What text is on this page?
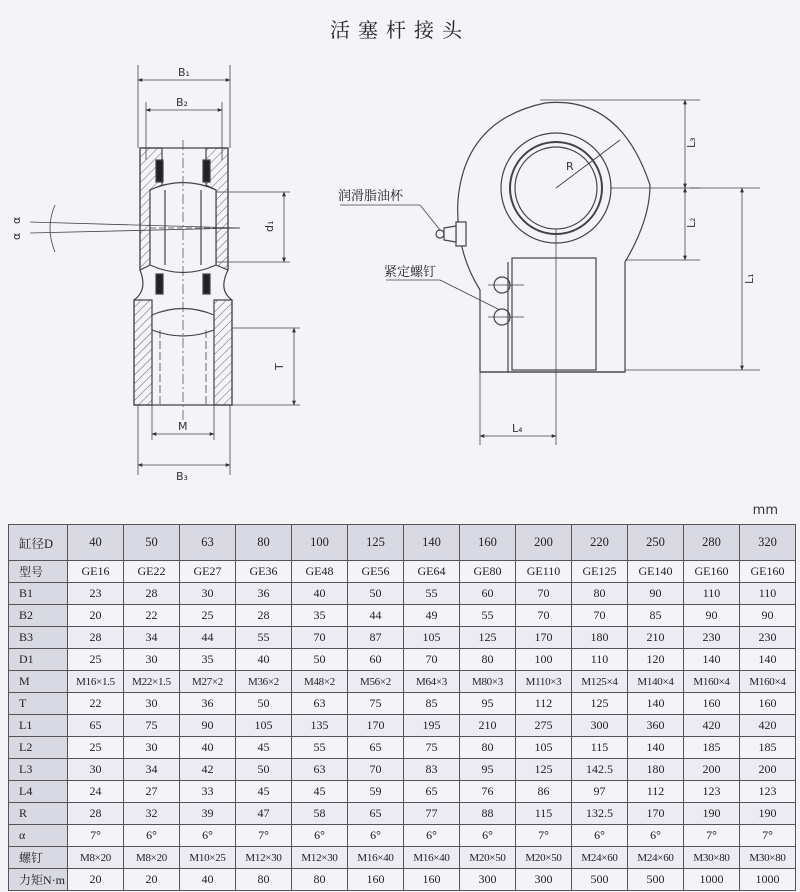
活塞杆接头
B₁
B₂
B₃
M
d₁
T
α
α
L₃
L₂
L₁
L₄
R
润滑脂油杯
紧定螺钉
mm
缸径D	40	50	63	80	100	125	140	160	200	220	250	280	320
型号	GE16	GE22	GE27	GE36	GE48	GE56	GE64	GE80	GE110	GE125	GE140	GE160	GE160
B1	23	28	30	36	40	50	55	60	70	80	90	110	110
B2	20	22	25	28	35	44	49	55	70	70	85	90	90
B3	28	34	44	55	70	87	105	125	170	180	210	230	230
D1	25	30	35	40	50	60	70	80	100	110	120	140	140
M	M16×1.5	M22×1.5	M27×2	M36×2	M48×2	M56×2	M64×3	M80×3	M110×3	M125×4	M140×4	M160×4	M160×4
T	22	30	36	50	63	75	85	95	112	125	140	160	160
L1	65	75	90	105	135	170	195	210	275	300	360	420	420
L2	25	30	40	45	55	65	75	80	105	115	140	185	185
L3	30	34	42	50	63	70	83	95	125	142.5	180	200	200
L4	24	27	33	45	45	59	65	76	86	97	112	123	123
R	28	32	39	47	58	65	77	88	115	132.5	170	190	190
α	7°	6°	6°	7°	6°	6°	6°	6°	7°	6°	6°	7°	7°
螺钉	M8×20	M8×20	M10×25	M12×30	M12×30	M16×40	M16×40	M20×50	M20×50	M24×60	M24×60	M30×80	M30×80
力矩N·m	20	20	40	80	80	160	160	300	300	500	500	1000	1000
